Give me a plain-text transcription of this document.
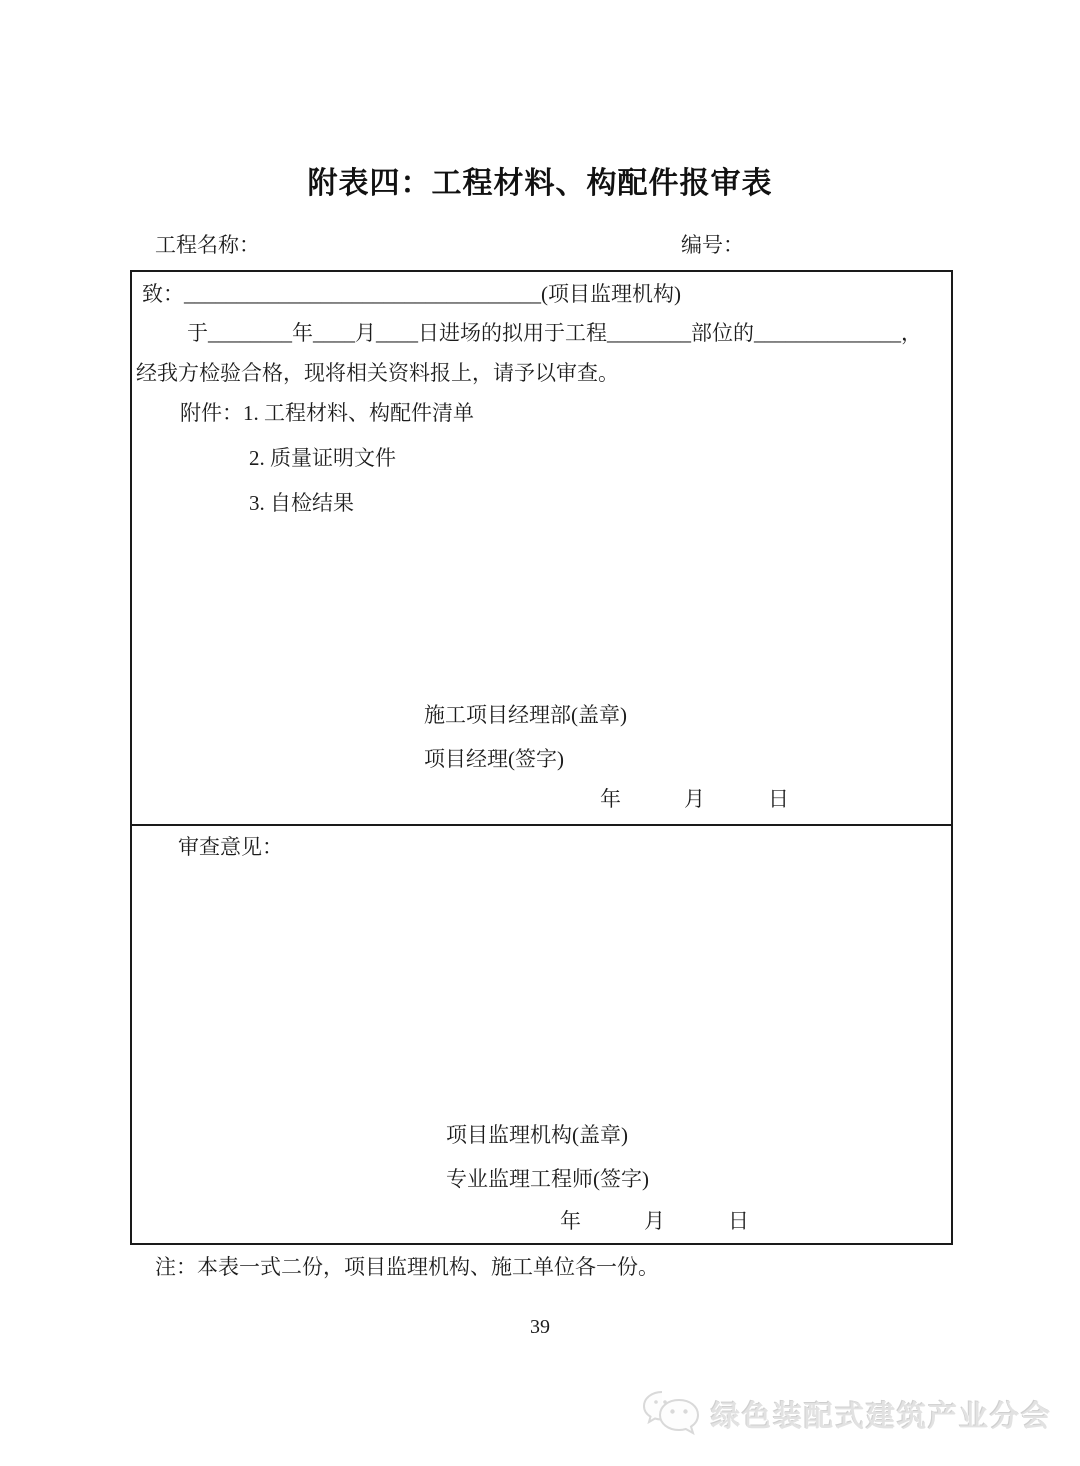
附表四：工程材料、构配件报审表
工程名称：	编号：
致：__________________________________(项目监理机构)
于________年____月____日进场的拟用于工程________部位的______________，
经我方检验合格，现将相关资料报上，请予以审查。
附件：1. 工程材料、构配件清单
2. 质量证明文件
3. 自检结果
施工项目经理部(盖章)
项目经理(签字)
年　　　月　　　日
审查意见：
项目监理机构(盖章)
专业监理工程师(签字)
年　　　月　　　日
注：本表一式二份，项目监理机构、施工单位各一份。
39
绿色装配式建筑产业分会
